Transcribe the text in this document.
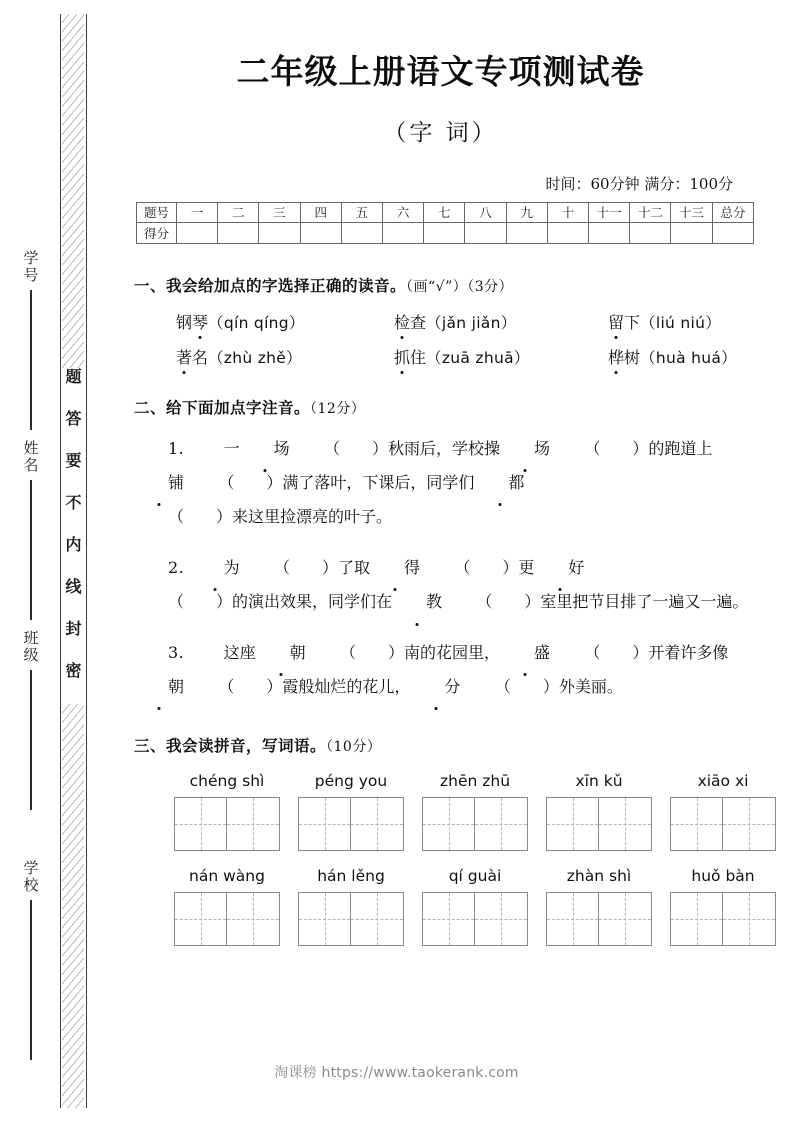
学号
姓名
班级
学校
题答要不内线封密
二年级上册语文专项测试卷
（字 词）
时间：60分钟 满分：100分
题号	一	二	三	四	五	六	七	八	九	十	十一	十二	十三	总分
得分														
一、我会给加点的字选择正确的读音。（画“√”）（3分）
钢琴（qín qíng）	检查（jǎn jiǎn）	留下（liú niú）
著名（zhù zhě）	抓住（zuā zhuā）	桦树（huà huá）
二、给下面加点字注音。（12分）

1. 一 场 （　　）秋雨后，学校操 场 （　　）的跑道上铺 （　　）满了落叶，下课后，同学们 都（　　）来这里捡漂亮的叶子。

2. 为 （　　）了取 得 （　　）更 好（　　）的演出效果，同学们在 教 （　　）室里把节目排了一遍又一遍。

3. 这座 朝 （　　）南的花园里， 盛 （　　）开着许多像朝 （　　）霞般灿烂的花儿， 分 （　　）外美丽。

三、我会读拼音，写词语。（10分）
chéng shì	péng you	zhēn zhū	xīn kǔ	xiāo xi
nán wàng	hán lěng	qí guài	zhàn shì	huǒ bàn
淘课榜 https://www.taokerank.com
